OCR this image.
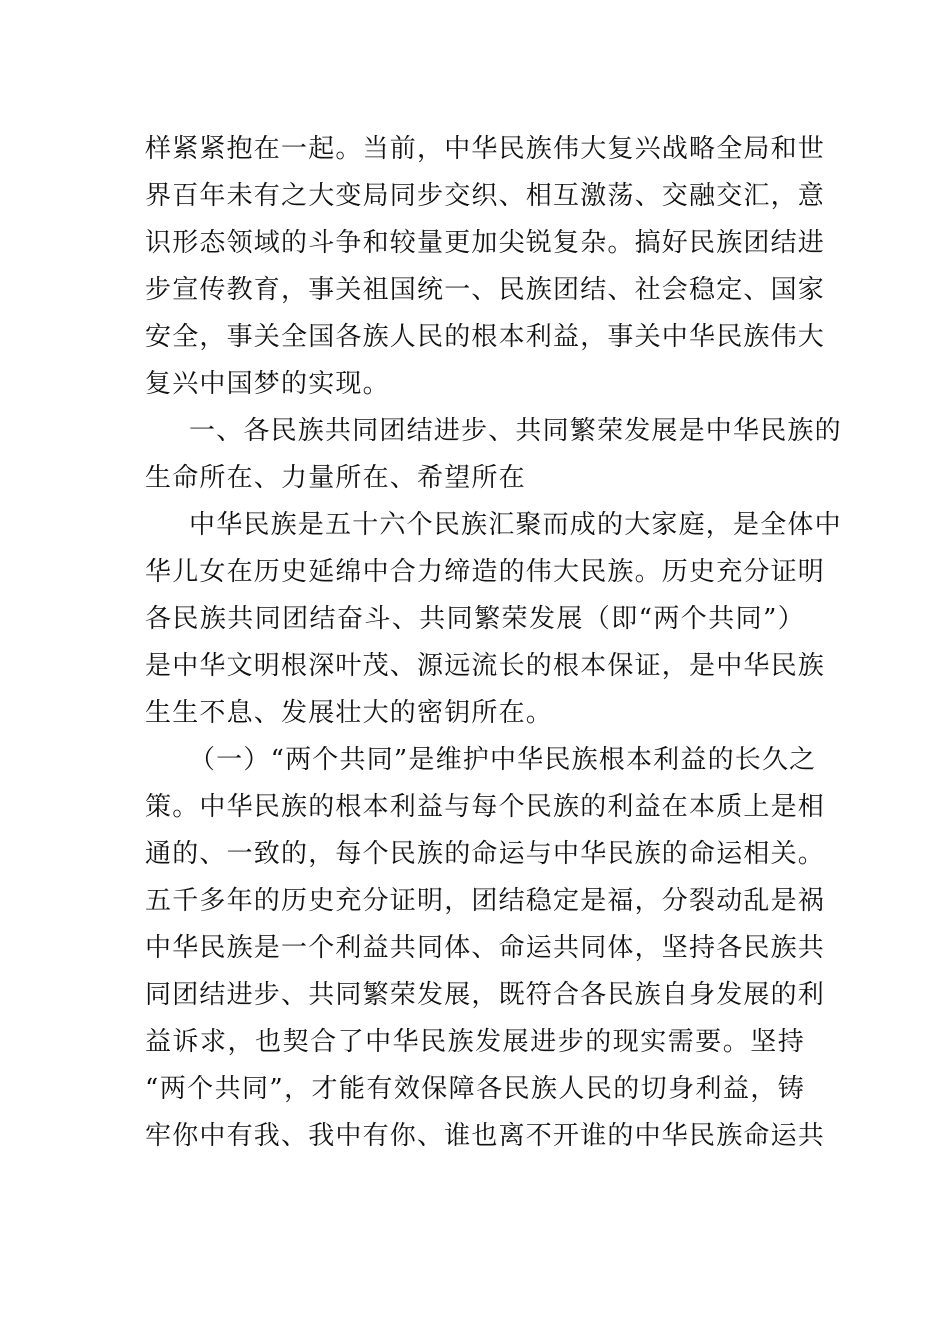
样紧紧抱在一起。当前，中华民族伟大复兴战略全局和世
界百年未有之大变局同步交织、相互激荡、交融交汇，意
识形态领域的斗争和较量更加尖锐复杂。搞好民族团结进
步宣传教育，事关祖国统一、民族团结、社会稳定、国家
安全，事关全国各族人民的根本利益，事关中华民族伟大
复兴中国梦的实现。
一、各民族共同团结进步、共同繁荣发展是中华民族的
生命所在、力量所在、希望所在
中华民族是五十六个民族汇聚而成的大家庭，是全体中
华儿女在历史延绵中合力缔造的伟大民族。历史充分证明
各民族共同团结奋斗、共同繁荣发展（即“两个共同”）
是中华文明根深叶茂、源远流长的根本保证，是中华民族
生生不息、发展壮大的密钥所在。
（一）“两个共同”是维护中华民族根本利益的长久之
策。中华民族的根本利益与每个民族的利益在本质上是相
通的、一致的，每个民族的命运与中华民族的命运相关。
五千多年的历史充分证明，团结稳定是福，分裂动乱是祸
中华民族是一个利益共同体、命运共同体，坚持各民族共
同团结进步、共同繁荣发展，既符合各民族自身发展的利
益诉求，也契合了中华民族发展进步的现实需要。坚持
“两个共同”，才能有效保障各民族人民的切身利益，铸
牢你中有我、我中有你、谁也离不开谁的中华民族命运共
